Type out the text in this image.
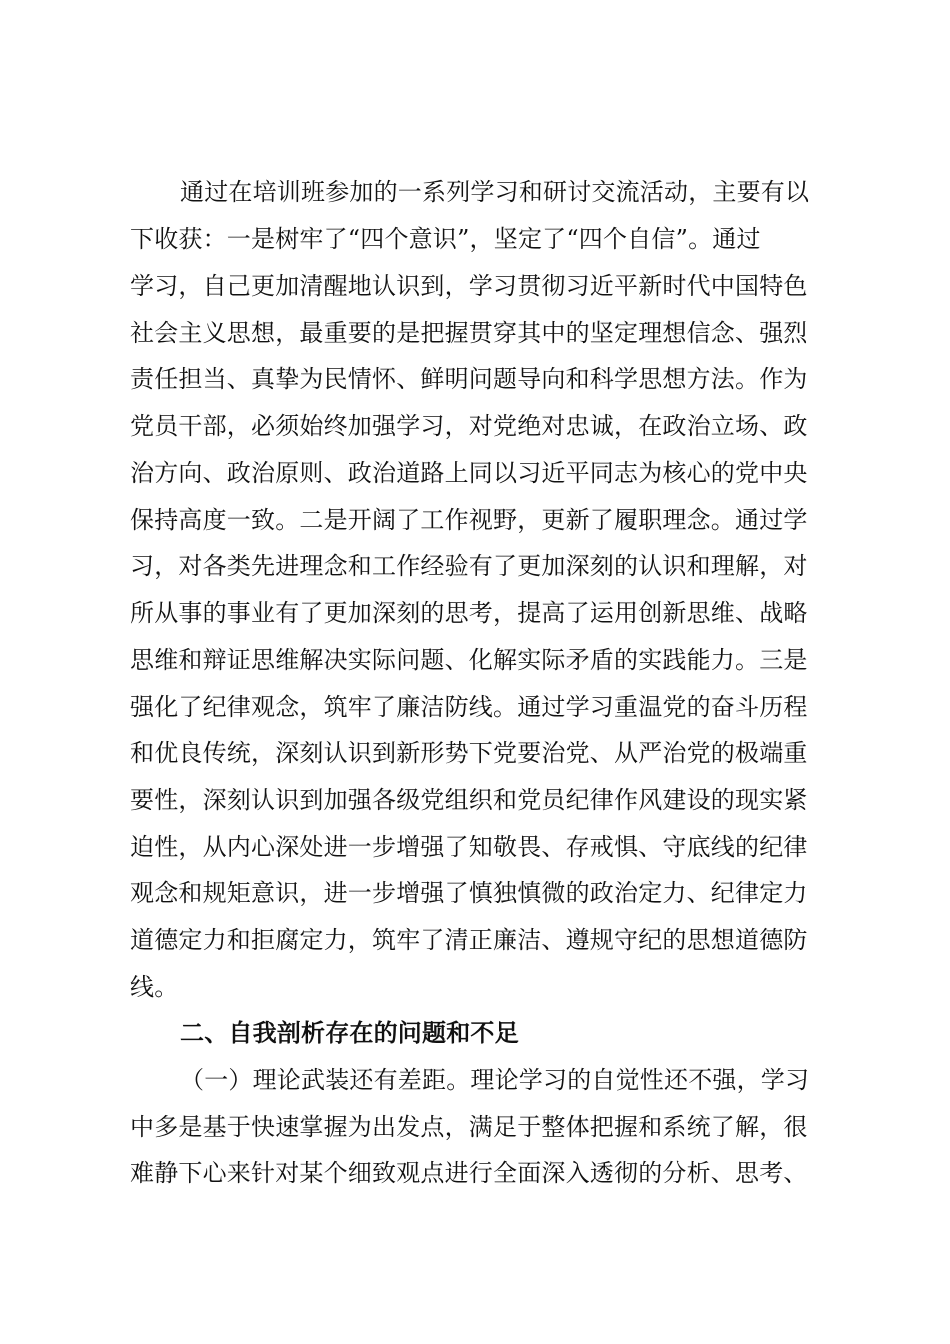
通过在培训班参加的一系列学习和研讨交流活动，主要有以
下收获：一是树牢了“四个意识”，坚定了“四个自信”。通过
学习，自己更加清醒地认识到，学习贯彻习近平新时代中国特色
社会主义思想，最重要的是把握贯穿其中的坚定理想信念、强烈
责任担当、真挚为民情怀、鲜明问题导向和科学思想方法。作为
党员干部，必须始终加强学习，对党绝对忠诚，在政治立场、政
治方向、政治原则、政治道路上同以习近平同志为核心的党中央
保持高度一致。二是开阔了工作视野，更新了履职理念。通过学
习，对各类先进理念和工作经验有了更加深刻的认识和理解，对
所从事的事业有了更加深刻的思考，提高了运用创新思维、战略
思维和辩证思维解决实际问题、化解实际矛盾的实践能力。三是
强化了纪律观念，筑牢了廉洁防线。通过学习重温党的奋斗历程
和优良传统，深刻认识到新形势下党要治党、从严治党的极端重
要性，深刻认识到加强各级党组织和党员纪律作风建设的现实紧
迫性，从内心深处进一步增强了知敬畏、存戒惧、守底线的纪律
观念和规矩意识，进一步增强了慎独慎微的政治定力、纪律定力
道德定力和拒腐定力，筑牢了清正廉洁、遵规守纪的思想道德防
线。
二、自我剖析存在的问题和不足
（一）理论武装还有差距。理论学习的自觉性还不强，学习
中多是基于快速掌握为出发点，满足于整体把握和系统了解，很
难静下心来针对某个细致观点进行全面深入透彻的分析、思考、
